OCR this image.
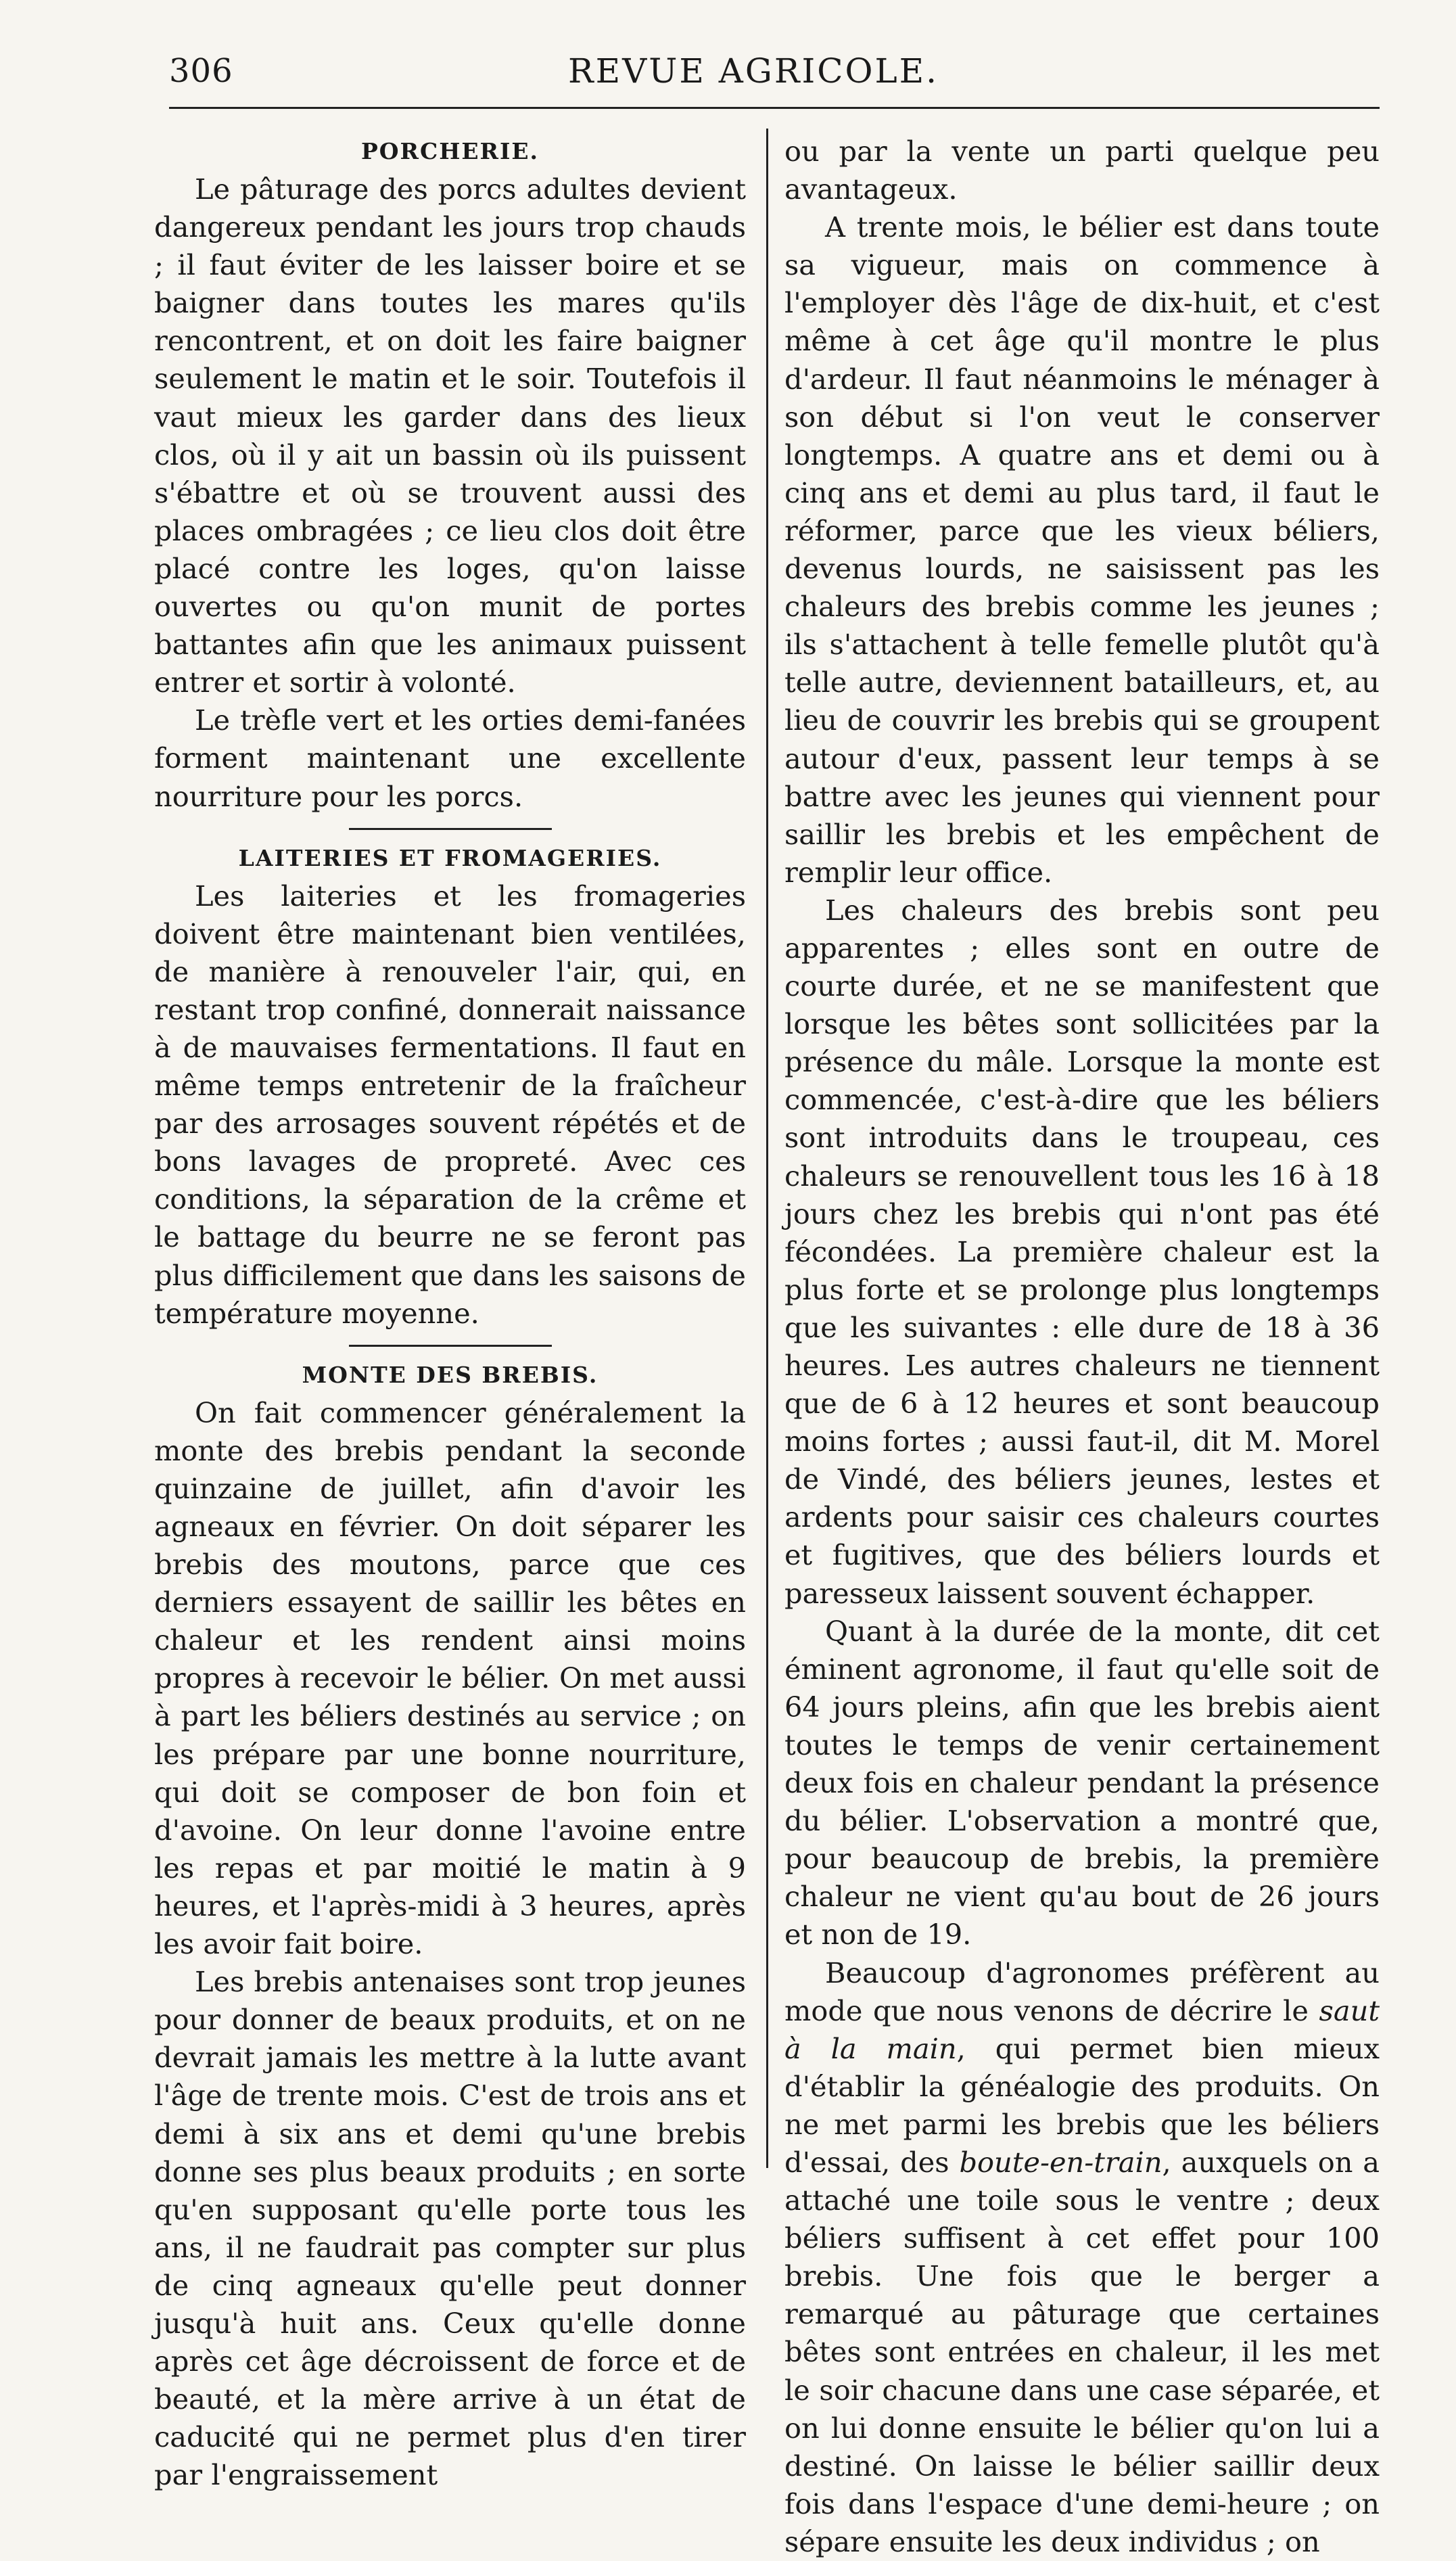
306	REVUE AGRICOLE.
PORCHERIE.

Le pâturage des porcs adultes devient dangereux pendant les jours trop chauds ; il faut éviter de les laisser boire et se baigner dans toutes les mares qu'ils rencontrent, et on doit les faire baigner seulement le matin et le soir. Toutefois il vaut mieux les garder dans des lieux clos, où il y ait un bassin où ils puissent s'ébattre et où se trouvent aussi des places ombragées ; ce lieu clos doit être placé contre les loges, qu'on laisse ouvertes ou qu'on munit de portes battantes afin que les animaux puissent entrer et sortir à volonté.

Le trèfle vert et les orties demi-fanées forment maintenant une excellente nourriture pour les porcs.

LAITERIES ET FROMAGERIES.

Les laiteries et les fromageries doivent être maintenant bien ventilées, de manière à renouveler l'air, qui, en restant trop confiné, donnerait naissance à de mauvaises fermentations. Il faut en même temps entretenir de la fraîcheur par des arrosages souvent répétés et de bons lavages de propreté. Avec ces conditions, la séparation de la crême et le battage du beurre ne se feront pas plus difficilement que dans les saisons de température moyenne.

MONTE DES BREBIS.

On fait commencer généralement la monte des brebis pendant la seconde quinzaine de juillet, afin d'avoir les agneaux en février. On doit séparer les brebis des moutons, parce que ces derniers essayent de saillir les bêtes en chaleur et les rendent ainsi moins propres à recevoir le bélier. On met aussi à part les béliers destinés au service ; on les prépare par une bonne nourriture, qui doit se composer de bon foin et d'avoine. On leur donne l'avoine entre les repas et par moitié le matin à 9 heures, et l'après-midi à 3 heures, après les avoir fait boire.

Les brebis antenaises sont trop jeunes pour donner de beaux produits, et on ne devrait jamais les mettre à la lutte avant l'âge de trente mois. C'est de trois ans et demi à six ans et demi qu'une brebis donne ses plus beaux produits ; en sorte qu'en supposant qu'elle porte tous les ans, il ne faudrait pas compter sur plus de cinq agneaux qu'elle peut donner jusqu'à huit ans. Ceux qu'elle donne après cet âge décroissent de force et de beauté, et la mère arrive à un état de caducité qui ne permet plus d'en tirer par l'engraissement

ou par la vente un parti quelque peu avantageux.

A trente mois, le bélier est dans toute sa vigueur, mais on commence à l'employer dès l'âge de dix-huit, et c'est même à cet âge qu'il montre le plus d'ardeur. Il faut néanmoins le ménager à son début si l'on veut le conserver longtemps. A quatre ans et demi ou à cinq ans et demi au plus tard, il faut le réformer, parce que les vieux béliers, devenus lourds, ne saisissent pas les chaleurs des brebis comme les jeunes ; ils s'attachent à telle femelle plutôt qu'à telle autre, deviennent batailleurs, et, au lieu de couvrir les brebis qui se groupent autour d'eux, passent leur temps à se battre avec les jeunes qui viennent pour saillir les brebis et les empêchent de remplir leur office.

Les chaleurs des brebis sont peu apparentes ; elles sont en outre de courte durée, et ne se manifestent que lorsque les bêtes sont sollicitées par la présence du mâle. Lorsque la monte est commencée, c'est-à-dire que les béliers sont introduits dans le troupeau, ces chaleurs se renouvellent tous les 16 à 18 jours chez les brebis qui n'ont pas été fécondées. La première chaleur est la plus forte et se prolonge plus longtemps que les suivantes : elle dure de 18 à 36 heures. Les autres chaleurs ne tiennent que de 6 à 12 heures et sont beaucoup moins fortes ; aussi faut-il, dit M. Morel de Vindé, des béliers jeunes, lestes et ardents pour saisir ces chaleurs courtes et fugitives, que des béliers lourds et paresseux laissent souvent échapper.

Quant à la durée de la monte, dit cet éminent agronome, il faut qu'elle soit de 64 jours pleins, afin que les brebis aient toutes le temps de venir certainement deux fois en chaleur pendant la présence du bélier. L'observation a montré que, pour beaucoup de brebis, la première chaleur ne vient qu'au bout de 26 jours et non de 19.

Beaucoup d'agronomes préfèrent au mode que nous venons de décrire le saut à la main, qui permet bien mieux d'établir la généalogie des produits. On ne met parmi les brebis que les béliers d'essai, des boute-en-train, auxquels on a attaché une toile sous le ventre ; deux béliers suffisent à cet effet pour 100 brebis. Une fois que le berger a remarqué au pâturage que certaines bêtes sont entrées en chaleur, il les met le soir chacune dans une case séparée, et on lui donne ensuite le bélier qu'on lui a destiné. On laisse le bélier saillir deux fois dans l'espace d'une demi-heure ; on sépare ensuite les deux individus ; on
